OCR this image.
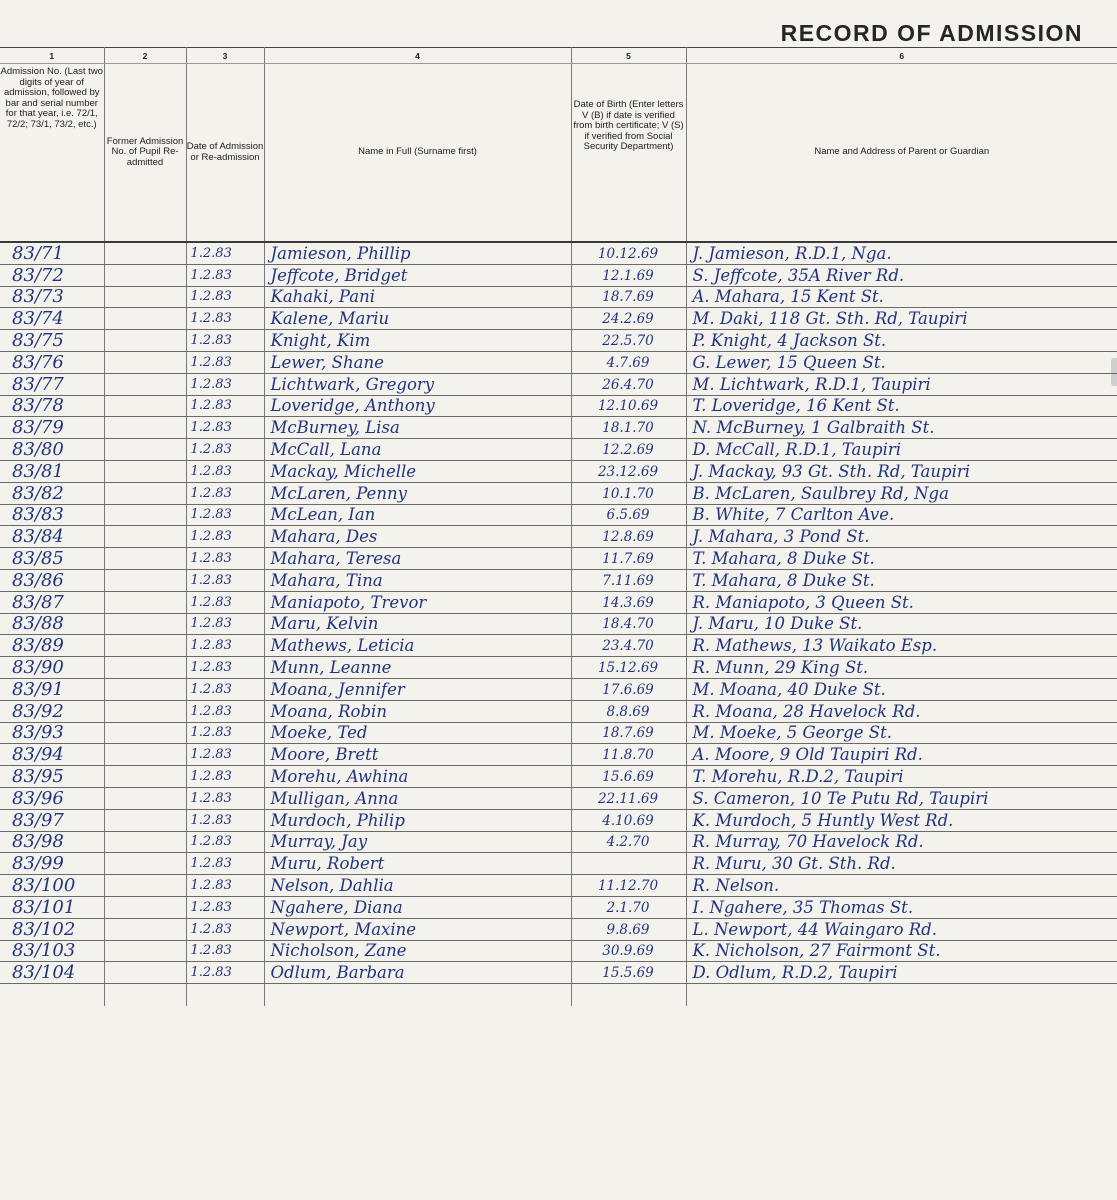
RECORD OF ADMISSION
1	2	3	4	5	6
Admission No. (Last two digits of year of admission, followed by bar and serial number for that year, i.e. 72/1, 72/2; 73/1, 73/2, etc.)	Former Admission No. of Pupil Re-admitted	Date of Admission or Re-admission	Name in Full (Surname first)	Date of Birth (Enter letters V (B) if date is verified from birth certificate; V (S) if verified from Social Security Department)	Name and Address of Parent or Guardian
83/71		1.2.83	Jamieson, Phillip	10.12.69	J. Jamieson, R.D.1, Nga.
83/72		1.2.83	Jeffcote, Bridget	12.1.69	S. Jeffcote, 35A River Rd.
83/73		1.2.83	Kahaki, Pani	18.7.69	A. Mahara, 15 Kent St.
83/74		1.2.83	Kalene, Mariu	24.2.69	M. Daki, 118 Gt. Sth. Rd, Taupiri
83/75		1.2.83	Knight, Kim	22.5.70	P. Knight, 4 Jackson St.
83/76		1.2.83	Lewer, Shane	4.7.69	G. Lewer, 15 Queen St.
83/77		1.2.83	Lichtwark, Gregory	26.4.70	M. Lichtwark, R.D.1, Taupiri
83/78		1.2.83	Loveridge, Anthony	12.10.69	T. Loveridge, 16 Kent St.
83/79		1.2.83	McBurney, Lisa	18.1.70	N. McBurney, 1 Galbraith St.
83/80		1.2.83	McCall, Lana	12.2.69	D. McCall, R.D.1, Taupiri
83/81		1.2.83	Mackay, Michelle	23.12.69	J. Mackay, 93 Gt. Sth. Rd, Taupiri
83/82		1.2.83	McLaren, Penny	10.1.70	B. McLaren, Saulbrey Rd, Nga
83/83		1.2.83	McLean, Ian	6.5.69	B. White, 7 Carlton Ave.
83/84		1.2.83	Mahara, Des	12.8.69	J. Mahara, 3 Pond St.
83/85		1.2.83	Mahara, Teresa	11.7.69	T. Mahara, 8 Duke St.
83/86		1.2.83	Mahara, Tina	7.11.69	T. Mahara, 8 Duke St.
83/87		1.2.83	Maniapoto, Trevor	14.3.69	R. Maniapoto, 3 Queen St.
83/88		1.2.83	Maru, Kelvin	18.4.70	J. Maru, 10 Duke St.
83/89		1.2.83	Mathews, Leticia	23.4.70	R. Mathews, 13 Waikato Esp.
83/90		1.2.83	Munn, Leanne	15.12.69	R. Munn, 29 King St.
83/91		1.2.83	Moana, Jennifer	17.6.69	M. Moana, 40 Duke St.
83/92		1.2.83	Moana, Robin	8.8.69	R. Moana, 28 Havelock Rd.
83/93		1.2.83	Moeke, Ted	18.7.69	M. Moeke, 5 George St.
83/94		1.2.83	Moore, Brett	11.8.70	A. Moore, 9 Old Taupiri Rd.
83/95		1.2.83	Morehu, Awhina	15.6.69	T. Morehu, R.D.2, Taupiri
83/96		1.2.83	Mulligan, Anna	22.11.69	S. Cameron, 10 Te Putu Rd, Taupiri
83/97		1.2.83	Murdoch, Philip	4.10.69	K. Murdoch, 5 Huntly West Rd.
83/98		1.2.83	Murray, Jay	4.2.70	R. Murray, 70 Havelock Rd.
83/99		1.2.83	Muru, Robert		R. Muru, 30 Gt. Sth. Rd.
83/100		1.2.83	Nelson, Dahlia	11.12.70	R. Nelson.
83/101		1.2.83	Ngahere, Diana	2.1.70	I. Ngahere, 35 Thomas St.
83/102		1.2.83	Newport, Maxine	9.8.69	L. Newport, 44 Waingaro Rd.
83/103		1.2.83	Nicholson, Zane	30.9.69	K. Nicholson, 27 Fairmont St.
83/104		1.2.83	Odlum, Barbara	15.5.69	D. Odlum, R.D.2, Taupiri
